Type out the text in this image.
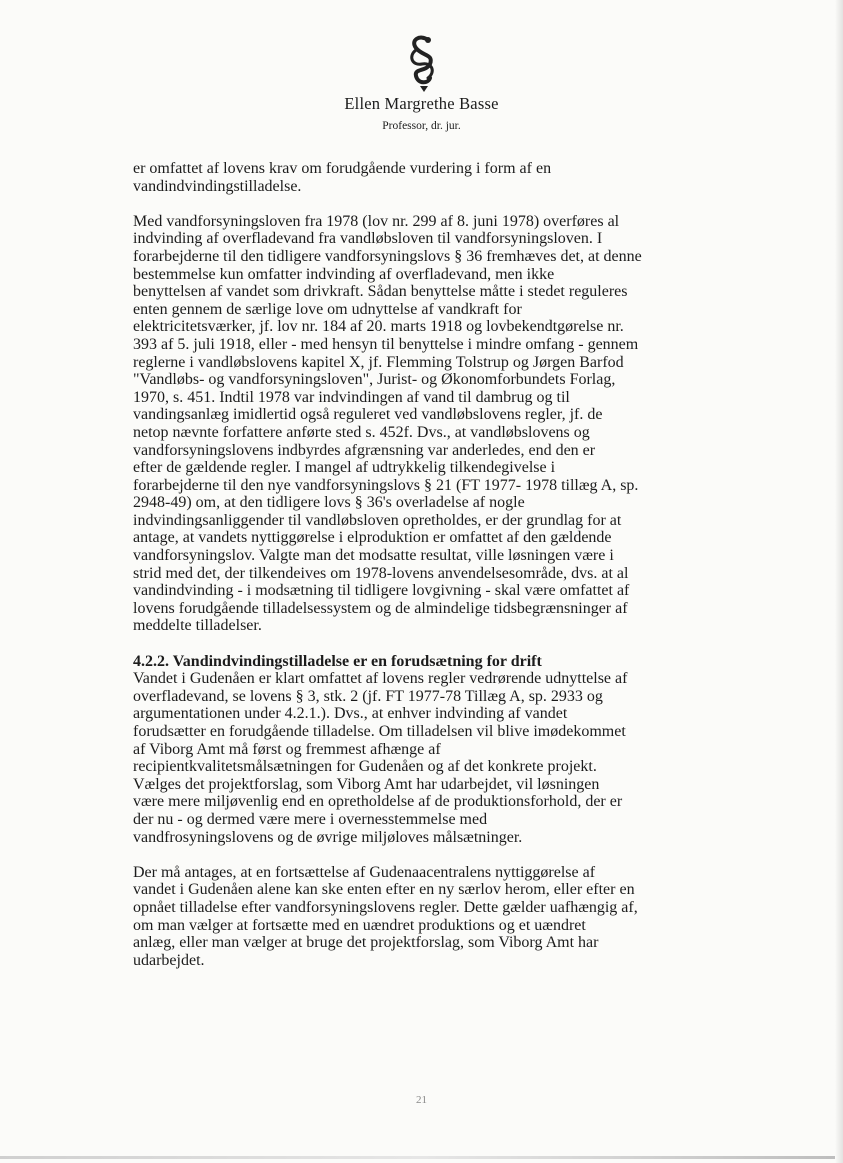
Ellen Margrethe Basse
Professor, dr. jur.

er omfattet af lovens krav om forudgående vurdering i form af en
vandindvindingstilladelse.

Med vandforsyningsloven fra 1978 (lov nr. 299 af 8. juni 1978) overføres al
indvinding af overfladevand fra vandløbsloven til vandforsyningsloven. I
forarbejderne til den tidligere vandforsyningslovs § 36 fremhæves det, at denne
bestemmelse kun omfatter indvinding af overfladevand, men ikke
benyttelsen af vandet som drivkraft. Sådan benyttelse måtte i stedet reguleres
enten gennem de særlige love om udnyttelse af vandkraft for
elektricitetsværker, jf. lov nr. 184 af 20. marts 1918 og lovbekendtgørelse nr.
393 af 5. juli 1918, eller - med hensyn til benyttelse i mindre omfang - gennem
reglerne i vandløbslovens kapitel X, jf. Flemming Tolstrup og Jørgen Barfod
"Vandløbs- og vandforsyningsloven", Jurist- og Økonomforbundets Forlag,
1970, s. 451. Indtil 1978 var indvindingen af vand til dambrug og til
vandingsanlæg imidlertid også reguleret ved vandløbslovens regler, jf. de
netop nævnte forfattere anførte sted s. 452f. Dvs., at vandløbslovens og
vandforsyningslovens indbyrdes afgrænsning var anderledes, end den er
efter de gældende regler. I mangel af udtrykkelig tilkendegivelse i
forarbejderne til den nye vandforsyningslovs § 21 (FT 1977- 1978 tillæg A, sp.
2948-49) om, at den tidligere lovs § 36's overladelse af nogle
indvindingsanliggender til vandløbsloven opretholdes, er der grundlag for at
antage, at vandets nyttiggørelse i elproduktion er omfattet af den gældende
vandforsyningslov. Valgte man det modsatte resultat, ville løsningen være i
strid med det, der tilkendeives om 1978-lovens anvendelsesområde, dvs. at al
vandindvinding - i modsætning til tidligere lovgivning - skal være omfattet af
lovens forudgående tilladelsessystem og de almindelige tidsbegrænsninger af
meddelte tilladelser.

4.2.2. Vandindvindingstilladelse er en forudsætning for drift
Vandet i Gudenåen er klart omfattet af lovens regler vedrørende udnyttelse af
overfladevand, se lovens § 3, stk. 2 (jf. FT 1977-78 Tillæg A, sp. 2933 og
argumentationen under 4.2.1.). Dvs., at enhver indvinding af vandet
forudsætter en forudgående tilladelse. Om tilladelsen vil blive imødekommet
af Viborg Amt må først og fremmest afhænge af
recipientkvalitetsmålsætningen for Gudenåen og af det konkrete projekt.
Vælges det projektforslag, som Viborg Amt har udarbejdet, vil løsningen
være mere miljøvenlig end en opretholdelse af de produktionsforhold, der er
der nu - og dermed være mere i overnesstemmelse med
vandfrosyningslovens og de øvrige miljøloves målsætninger.

Der må antages, at en fortsættelse af Gudenaacentralens nyttiggørelse af
vandet i Gudenåen alene kan ske enten efter en ny særlov herom, eller efter en
opnået tilladelse efter vandforsyningslovens regler. Dette gælder uafhængig af,
om man vælger at fortsætte med en uændret produktions og et uændret
anlæg, eller man vælger at bruge det projektforslag, som Viborg Amt har
udarbejdet.

21
